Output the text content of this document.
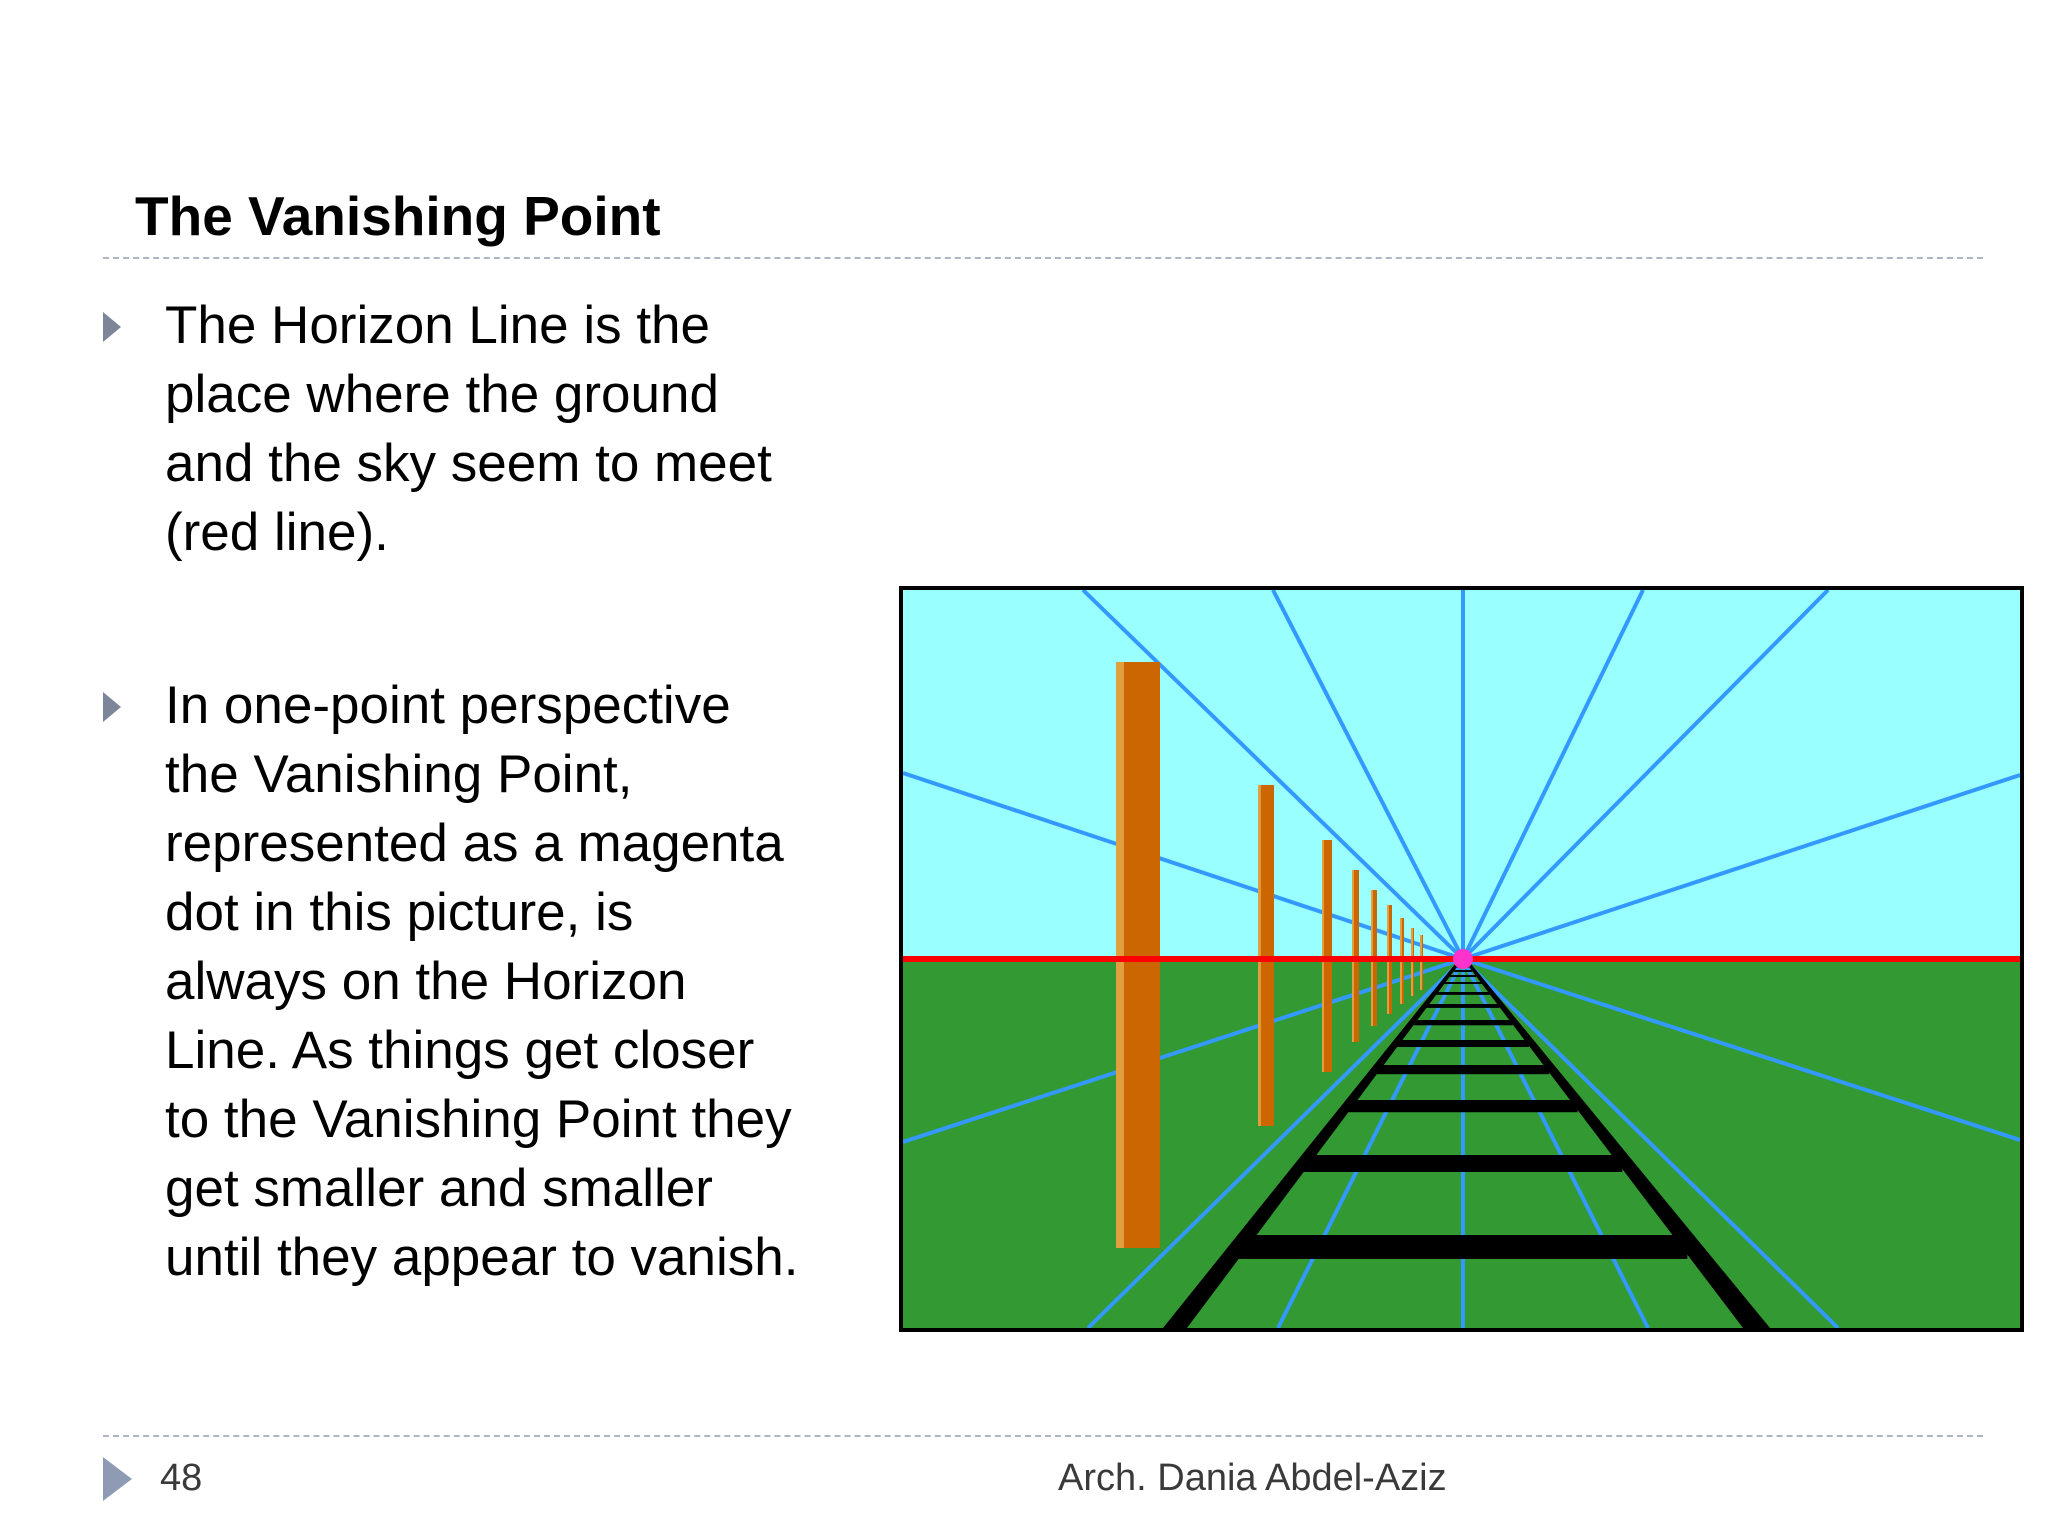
The Vanishing Point
The Horizon Line is the
place where the ground
and the sky seem to meet
(red line).
In one-point perspective
the Vanishing Point,
represented as a magenta
dot in this picture, is
always on the Horizon
Line. As things get closer
to the Vanishing Point they
get smaller and smaller
until they appear to vanish.
48	Arch. Dania Abdel-Aziz
